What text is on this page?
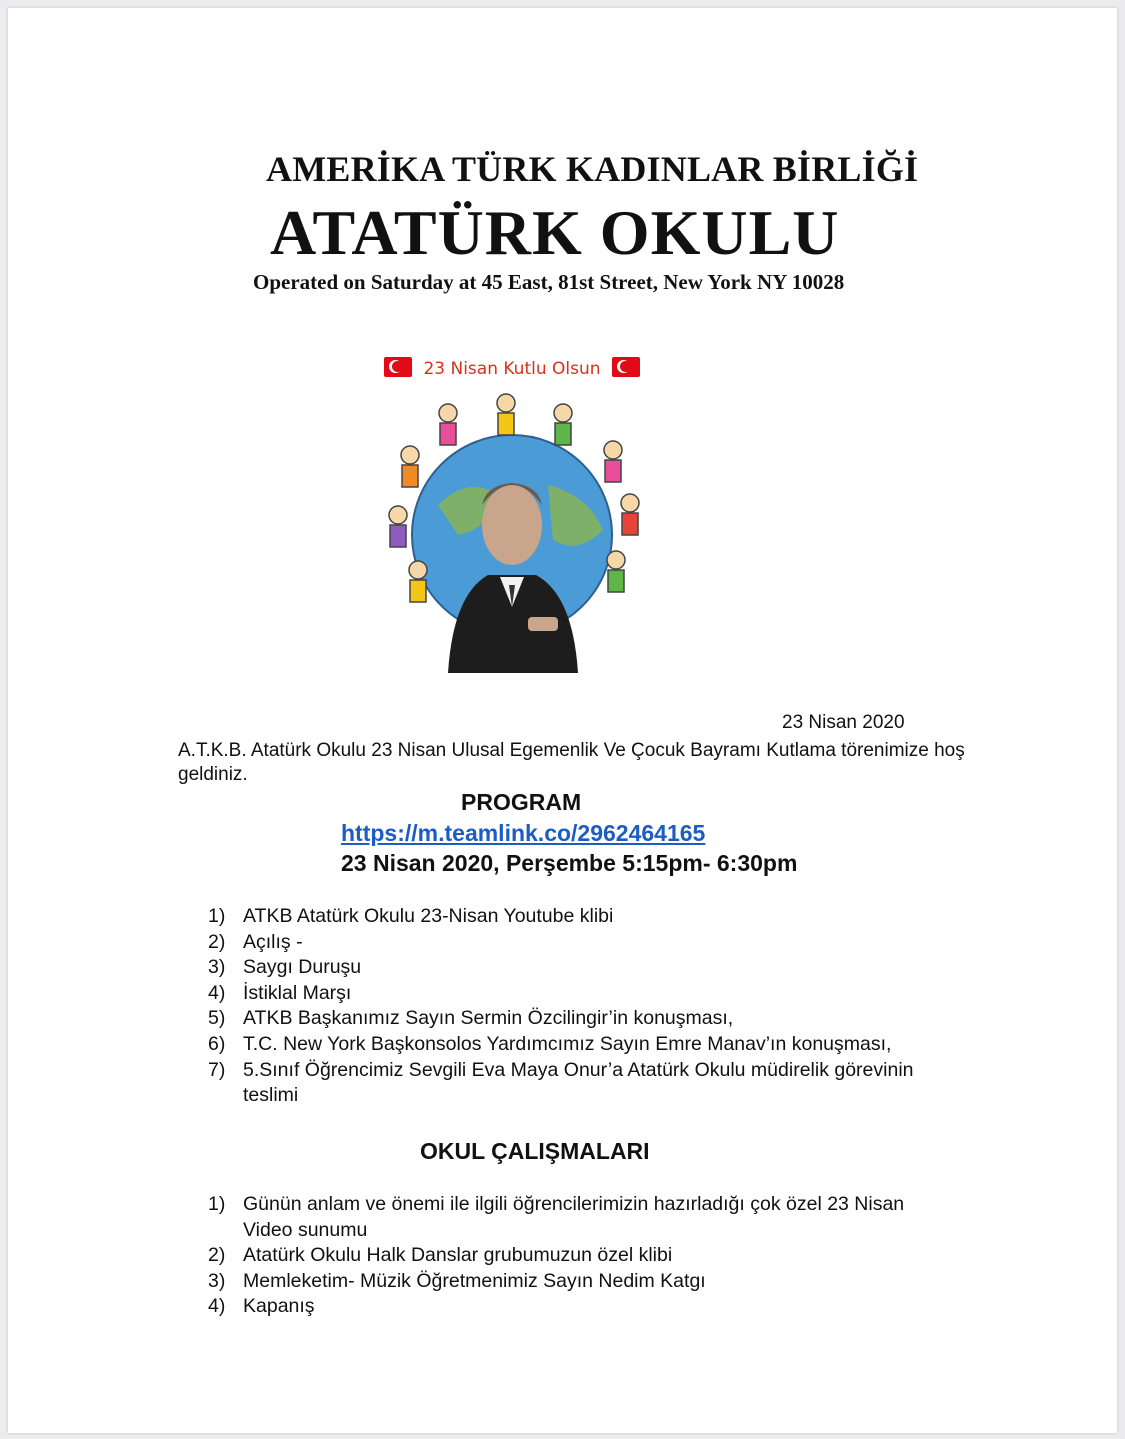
AMERİKA TÜRK KADINLAR BİRLİĞİ
ATATÜRK OKULU
Operated on Saturday at 45 East, 81st Street, New York NY 10028
23 Nisan Kutlu Olsun
23 Nisan 2020
A.T.K.B. Atatürk Okulu 23 Nisan Ulusal Egemenlik Ve Çocuk Bayramı Kutlama törenimize hoş geldiniz.
PROGRAM
https://m.teamlink.co/2962464165
23 Nisan 2020, Perşembe 5:15pm- 6:30pm
1) ATKB Atatürk Okulu 23-Nisan Youtube klibi
2) Açılış -
3) Saygı Duruşu
4) İstiklal Marşı
5) ATKB Başkanımız Sayın Sermin Özcilingir’in konuşması,
6) T.C. New York Başkonsolos Yardımcımız Sayın Emre Manav’ın konuşması,
7) 5.Sınıf Öğrencimiz Sevgili Eva Maya Onur’a Atatürk Okulu müdirelik görevinin teslimi
OKUL ÇALIŞMALARI
1) Günün anlam ve önemi ile ilgili öğrencilerimizin hazırladığı çok özel 23 Nisan Video sunumu
2) Atatürk Okulu Halk Danslar grubumuzun özel klibi
3) Memleketim- Müzik Öğretmenimiz Sayın Nedim Katgı
4) Kapanış
